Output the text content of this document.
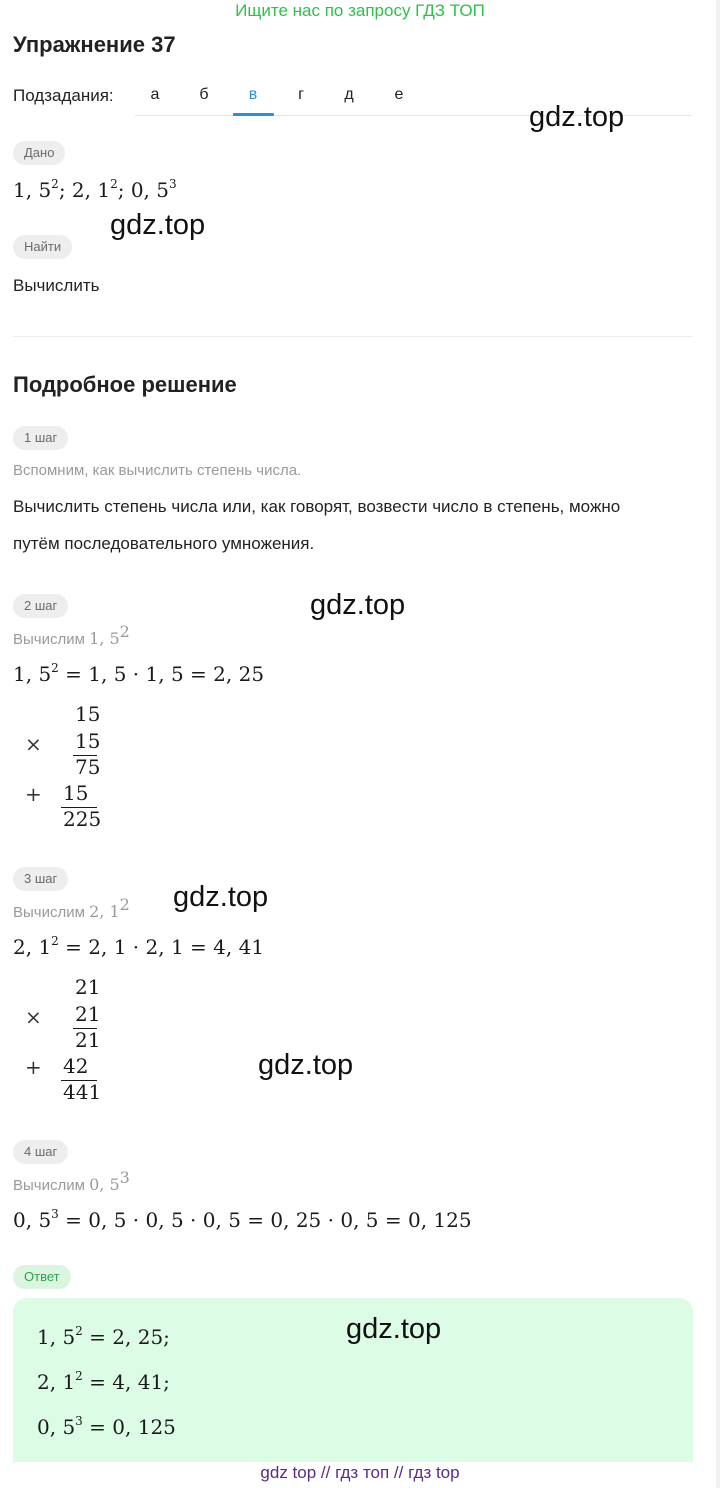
Ищите нас по запросу ГДЗ ТОП
Упражнение 37
Подзадания:	а	б	в	г	д	е
Дано
1, $5^2$; 2, $1^2$; 0, $5^3$
Найти
Вычислить
Подробное решение
1 шаг
Вспомним, как вычислить степень числа.
Вычислить степень числа или, как говорят, возвести число в степень, можно
путём последовательного умножения.
2 шаг
Вычислим 1, $5^2$
1, $5^2 = 1$, 5 · 1, 5 = 2, 25
15
× 15
75
+ 15
225
3 шаг
Вычислим 2, $1^2$
2, $1^2 = 2$, 1 · 2, 1 = 4, 41
21
× 21
21
+ 42
441
4 шаг
Вычислим 0, $5^3$
0, $5^3 = 0$, 5 · 0, 5 · 0, 5 = 0, 25 · 0, 5 = 0, 125
Ответ
1, $5^2 = 2$, 25;
2, $1^2 = 4$, 41;
0, $5^3 = 0$, 125
gdz.top
gdz.top
gdz.top
gdz.top
gdz.top
gdz.top
gdz top // гдз топ // гдз top
